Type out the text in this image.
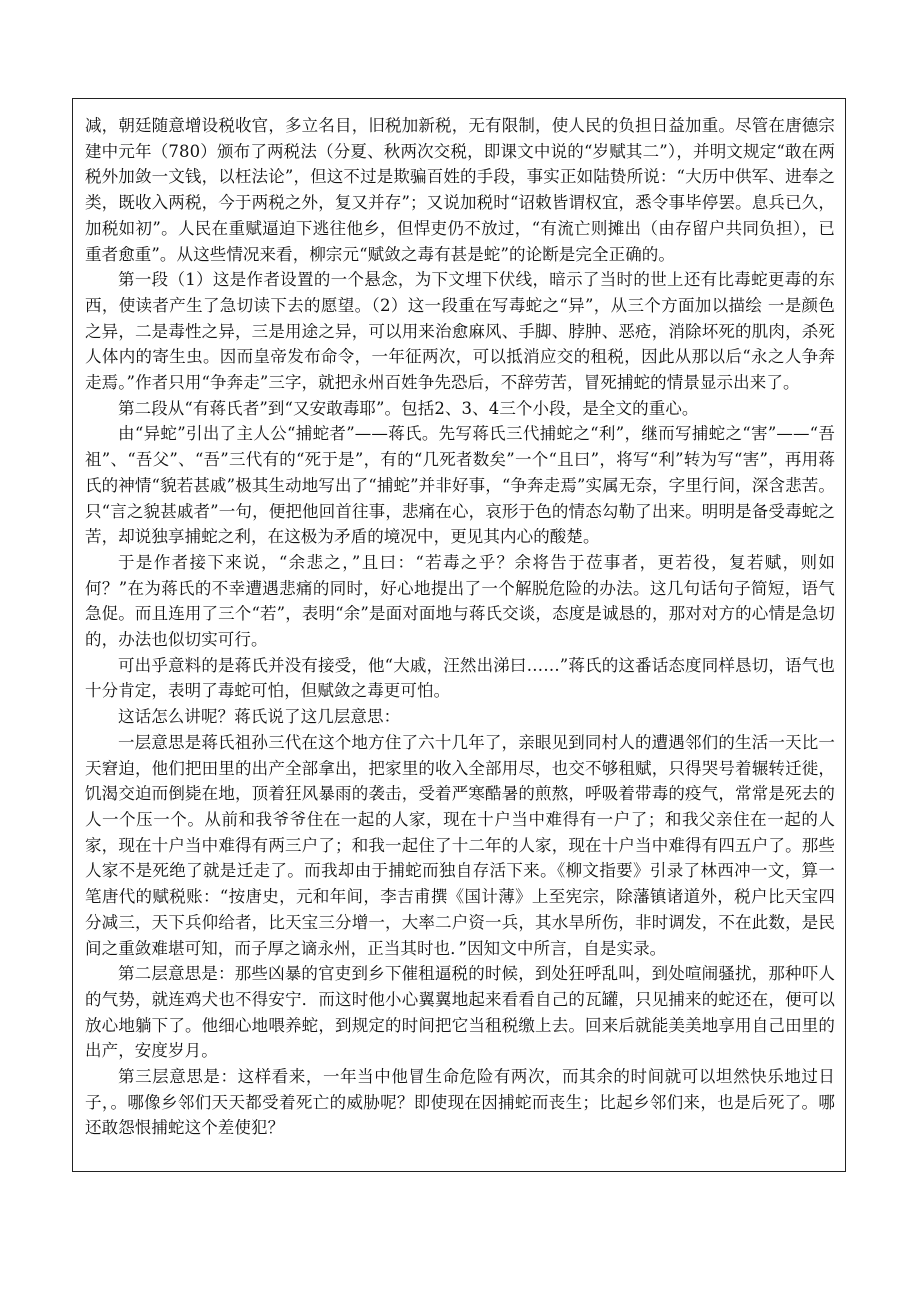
减，朝廷随意增设税收官，多立名目，旧税加新税，无有限制，使人民的负担日益加重。尽管在唐德宗建中元年（780）颁布了两税法（分夏、秋两次交税，即课文中说的“岁赋其二”），并明文规定“敢在两税外加敛一文钱，以枉法论”，但这不过是欺骗百姓的手段，事实正如陆贽所说：“大历中供军、进奉之类，既收入两税，今于两税之外，复又并存”；又说加税时“诏敕皆谓权宜，悉令事毕停罢。息兵已久，加税如初”。人民在重赋逼迫下逃往他乡，但悍吏仍不放过，“有流亡则摊出（由存留户共同负担），已重者愈重”。从这些情况来看，柳宗元“赋敛之毒有甚是蛇”的论断是完全正确的。

第一段（1）这是作者设置的一个悬念，为下文埋下伏线，暗示了当时的世上还有比毒蛇更毒的东西，使读者产生了急切读下去的愿望。（2）这一段重在写毒蛇之“异”，从三个方面加以描绘 一是颜色之异，二是毒性之异，三是用途之异，可以用来治愈麻风、手脚、脖肿、恶疮，消除坏死的肌肉，杀死人体内的寄生虫。因而皇帝发布命令，一年征两次，可以抵消应交的租税，因此从那以后“永之人争奔走焉。”作者只用“争奔走”三字，就把永州百姓争先恐后，不辞劳苦，冒死捕蛇的情景显示出来了。

第二段从“有蒋氏者”到“又安敢毒耶”。包括2、3、4三个小段，是全文的重心。

由“异蛇”引出了主人公“捕蛇者”——蒋氏。先写蒋氏三代捕蛇之“利”，继而写捕蛇之“害”——“吾祖”、“吾父”、“吾”三代有的“死于是”，有的“几死者数矣”一个“且曰”，将写“利”转为写“害”，再用蒋氏的神情“貌若甚戚”极其生动地写出了“捕蛇”并非好事，“争奔走焉”实属无奈，字里行间，深含悲苦。只“言之貌甚戚者”一句，便把他回首往事，悲痛在心，哀形于色的情态勾勒了出来。明明是备受毒蛇之苦，却说独享捕蛇之利，在这极为矛盾的境况中，更见其内心的酸楚。

于是作者接下来说，“余悲之，”且曰：“若毒之乎？余将告于莅事者，更若役，复若赋，则如何？”在为蒋氏的不幸遭遇悲痛的同时，好心地提出了一个解脱危险的办法。这几句话句子简短，语气急促。而且连用了三个“若”，表明“余”是面对面地与蒋氏交谈，态度是诚恳的，那对对方的心情是急切的，办法也似切实可行。

可出乎意料的是蒋氏并没有接受，他“大戚，汪然出涕曰……”蒋氏的这番话态度同样恳切，语气也十分肯定，表明了毒蛇可怕，但赋敛之毒更可怕。

这话怎么讲呢？蒋氏说了这几层意思：

一层意思是蒋氏祖孙三代在这个地方住了六十几年了，亲眼见到同村人的遭遇邻们的生活一天比一天窘迫，他们把田里的出产全部拿出，把家里的收入全部用尽，也交不够租赋，只得哭号着辗转迁徙，饥渴交迫而倒毙在地，顶着狂风暴雨的袭击，受着严寒酷暑的煎熬，呼吸着带毒的疫气，常常是死去的人一个压一个。从前和我爷爷住在一起的人家，现在十户当中难得有一户了；和我父亲住在一起的人家，现在十户当中难得有两三户了；和我一起住了十二年的人家，现在十户当中难得有四五户了。那些人家不是死绝了就是迁走了。而我却由于捕蛇而独自存活下来。《柳文指要》引录了林西冲一文，算一笔唐代的赋税账：“按唐史，元和年间，李吉甫撰《国计薄》上至宪宗，除藩镇诸道外，税户比天宝四分减三，天下兵仰给者，比天宝三分增一，大率二户资一兵，其水旱所伤，非时调发，不在此数，是民间之重敛难堪可知，而子厚之谪永州，正当其时也．”因知文中所言，自是实录。

第二层意思是：那些凶暴的官吏到乡下催租逼税的时候，到处狂呼乱叫，到处喧闹骚扰，那种吓人的气势，就连鸡犬也不得安宁．而这时他小心翼翼地起来看看自己的瓦罐，只见捕来的蛇还在，便可以放心地躺下了。他细心地喂养蛇，到规定的时间把它当租税缴上去。回来后就能美美地享用自己田里的出产，安度岁月。

第三层意思是：这样看来，一年当中他冒生命危险有两次，而其余的时间就可以坦然快乐地过日子，。哪像乡邻们天天都受着死亡的威胁呢？即使现在因捕蛇而丧生；比起乡邻们来，也是后死了。哪还敢怨恨捕蛇这个差使犯？
